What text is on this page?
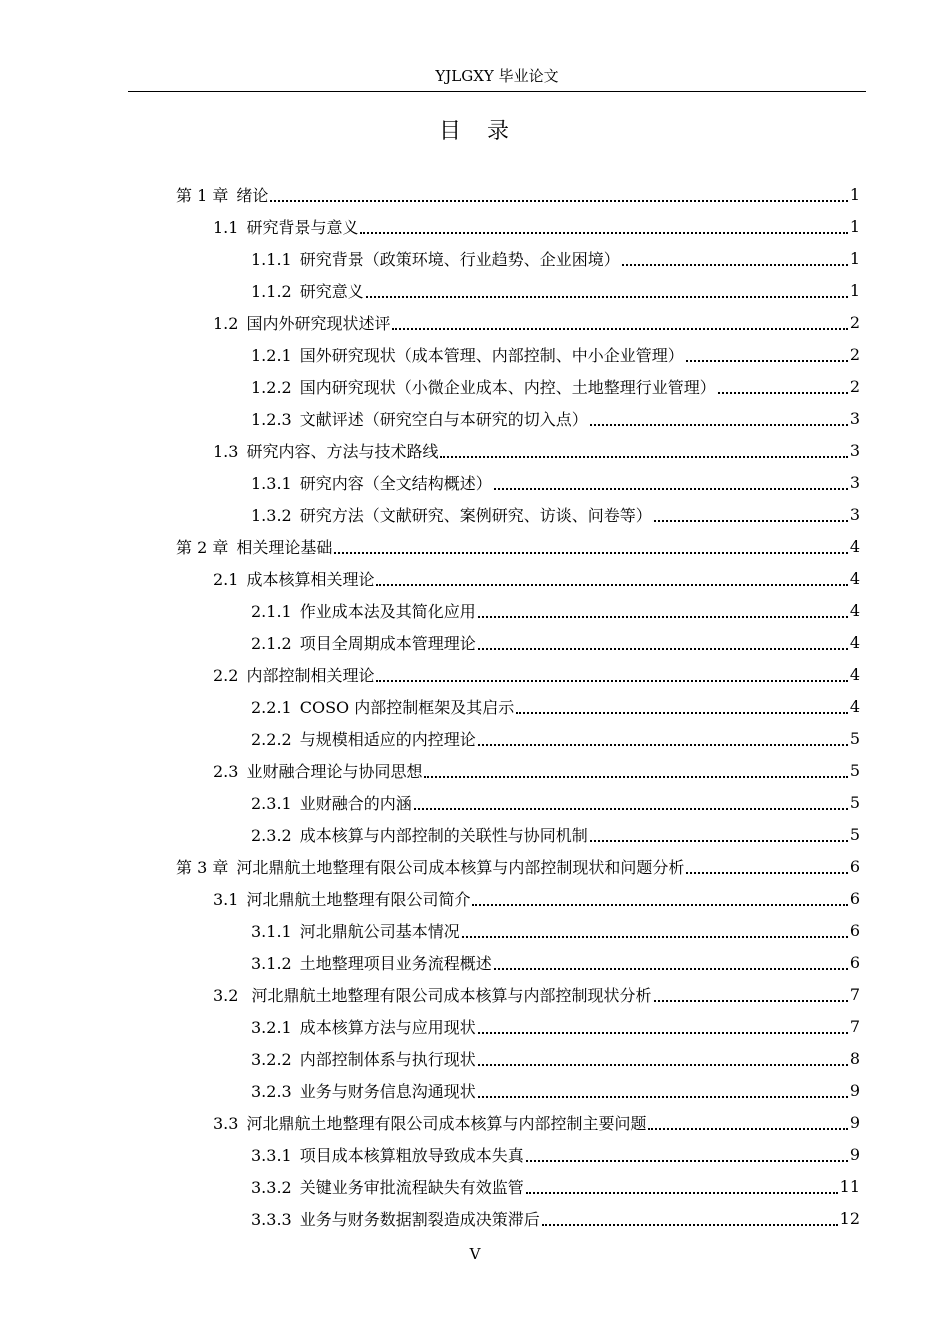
YJLGXY 毕业论文
目　录
第 1 章 绪论	1
1.1 研究背景与意义	1
1.1.1 研究背景（政策环境、行业趋势、企业困境）	1
1.1.2 研究意义	1
1.2 国内外研究现状述评	2
1.2.1 国外研究现状（成本管理、内部控制、中小企业管理）	2
1.2.2 国内研究现状（小微企业成本、内控、土地整理行业管理）	2
1.2.3 文献评述（研究空白与本研究的切入点）	3
1.3 研究内容、方法与技术路线	3
1.3.1 研究内容（全文结构概述）	3
1.3.2 研究方法（文献研究、案例研究、访谈、问卷等）	3
第 2 章 相关理论基础	4
2.1 成本核算相关理论	4
2.1.1 作业成本法及其简化应用	4
2.1.2 项目全周期成本管理理论	4
2.2 内部控制相关理论	4
2.2.1 COSO 内部控制框架及其启示	4
2.2.2 与规模相适应的内控理论	5
2.3 业财融合理论与协同思想	5
2.3.1 业财融合的内涵	5
2.3.2 成本核算与内部控制的关联性与协同机制	5
第 3 章 河北鼎航土地整理有限公司成本核算与内部控制现状和问题分析	6
3.1 河北鼎航土地整理有限公司简介	6
3.1.1 河北鼎航公司基本情况	6
3.1.2 土地整理项目业务流程概述	6
3.2 河北鼎航土地整理有限公司成本核算与内部控制现状分析	7
3.2.1 成本核算方法与应用现状	7
3.2.2 内部控制体系与执行现状	8
3.2.3 业务与财务信息沟通现状	9
3.3 河北鼎航土地整理有限公司成本核算与内部控制主要问题	9
3.3.1 项目成本核算粗放导致成本失真	9
3.3.2 关键业务审批流程缺失有效监管	11
3.3.3 业务与财务数据割裂造成决策滞后	12
V
